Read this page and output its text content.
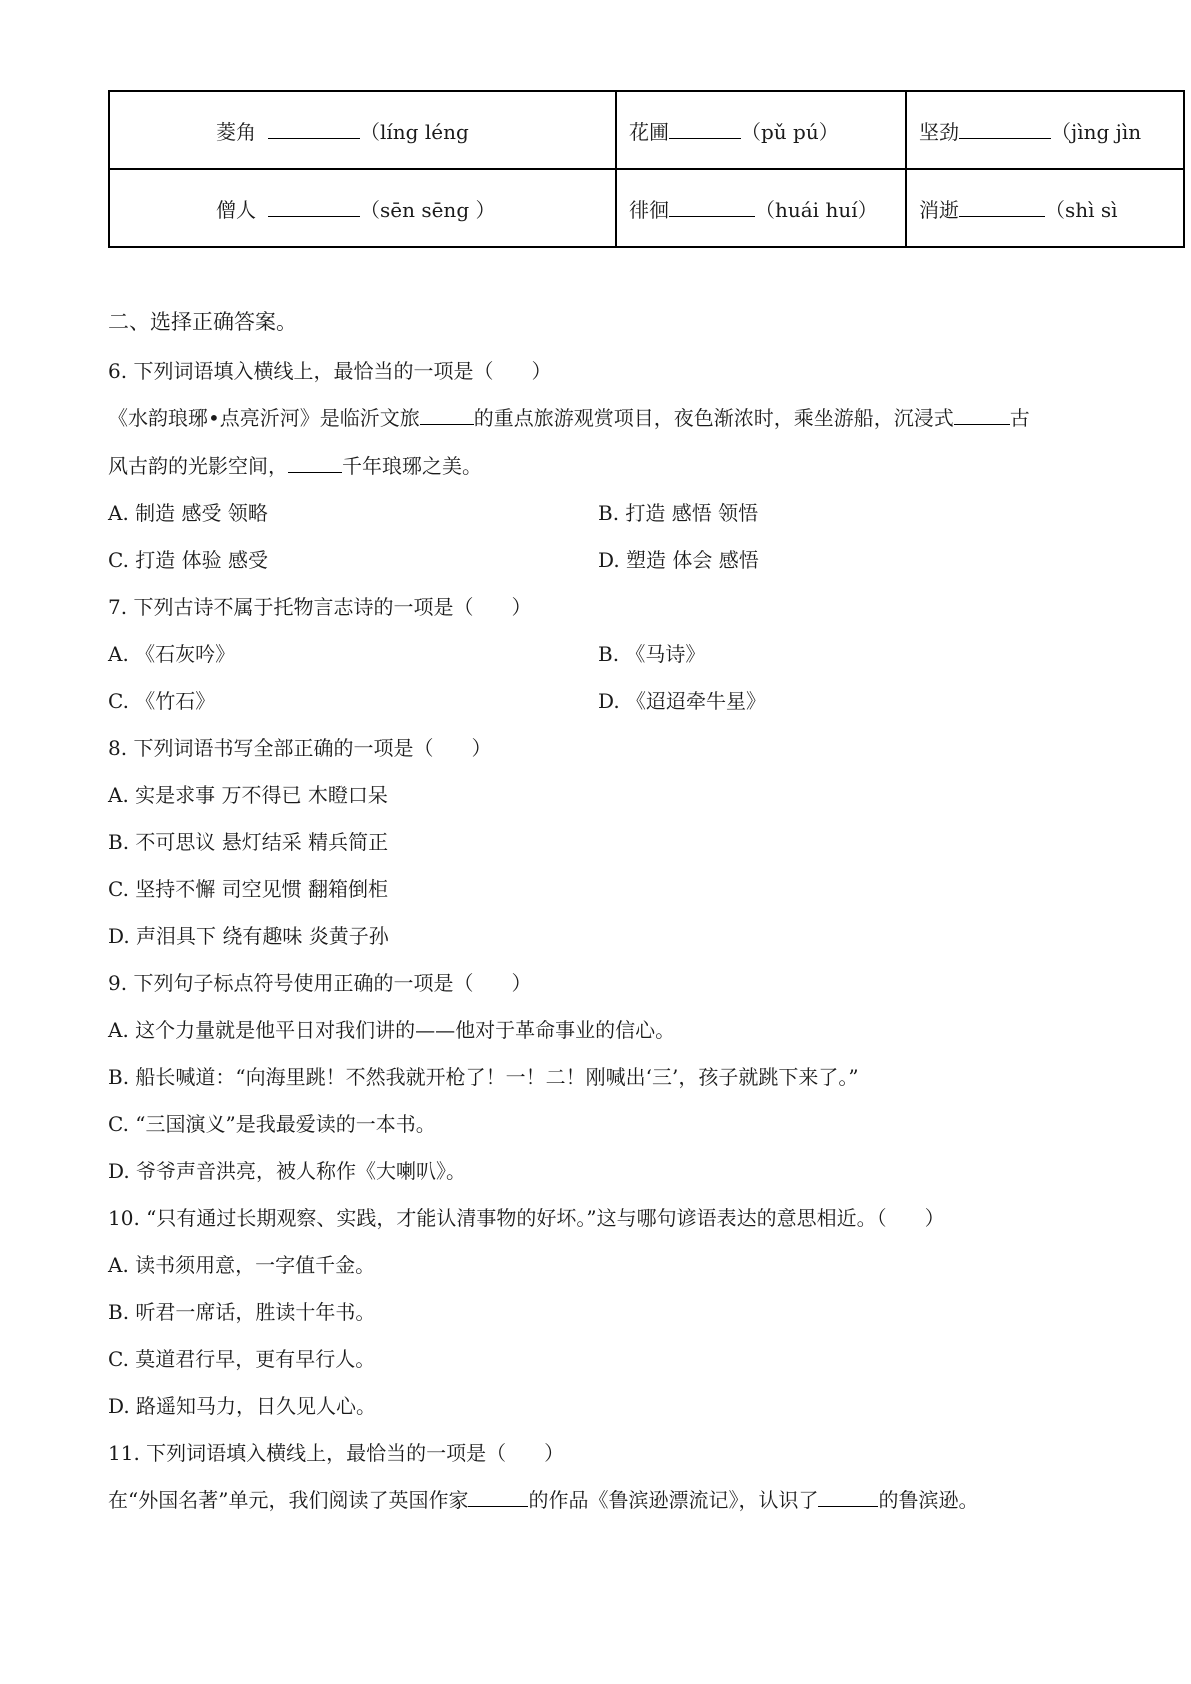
菱角 （líng léng	花圃 （pǔ pú）	坚劲 （jìng jìn
僧人 （sēn sēng ）	徘徊 （huái huí）	消逝 （shì sì
二、选择正确答案。
6. 下列词语填入横线上，最恰当的一项是（ ）
《水韵琅琊•点亮沂河》是临沂文旅	的重点旅游观赏项目，夜色渐浓时，乘坐游船，沉浸式	古
风古韵的光影空间，	千年琅琊之美。
A. 制造 感受 领略	B. 打造 感悟 领悟
C. 打造 体验 感受	D. 塑造 体会 感悟
7. 下列古诗不属于托物言志诗的一项是（ ）
A. 《石灰吟》	B. 《马诗》
C. 《竹石》	D. 《迢迢牵牛星》
8. 下列词语书写全部正确的一项是（ ）
A. 实是求事 万不得已 木瞪口呆
B. 不可思议 悬灯结采 精兵简正
C. 坚持不懈 司空见惯 翻箱倒柜
D. 声泪具下 绕有趣味 炎黄子孙
9. 下列句子标点符号使用正确的一项是（ ）
A. 这个力量就是他平日对我们讲的——他对于革命事业的信心。
B. 船长喊道：“向海里跳！不然我就开枪了！一！二！刚喊出‘三’，孩子就跳下来了。”
C. “三国演义”是我最爱读的一本书。
D. 爷爷声音洪亮，被人称作《大喇叭》。
10. “只有通过长期观察、实践，才能认清事物的好坏。”这与哪句谚语表达的意思相近。（ ）
A. 读书须用意，一字值千金。
B. 听君一席话，胜读十年书。
C. 莫道君行早，更有早行人。
D. 路遥知马力，日久见人心。
11. 下列词语填入横线上，最恰当的一项是（ ）
在“外国名著”单元，我们阅读了英国作家	的作品《鲁滨逊漂流记》，认识了	的鲁滨逊。
